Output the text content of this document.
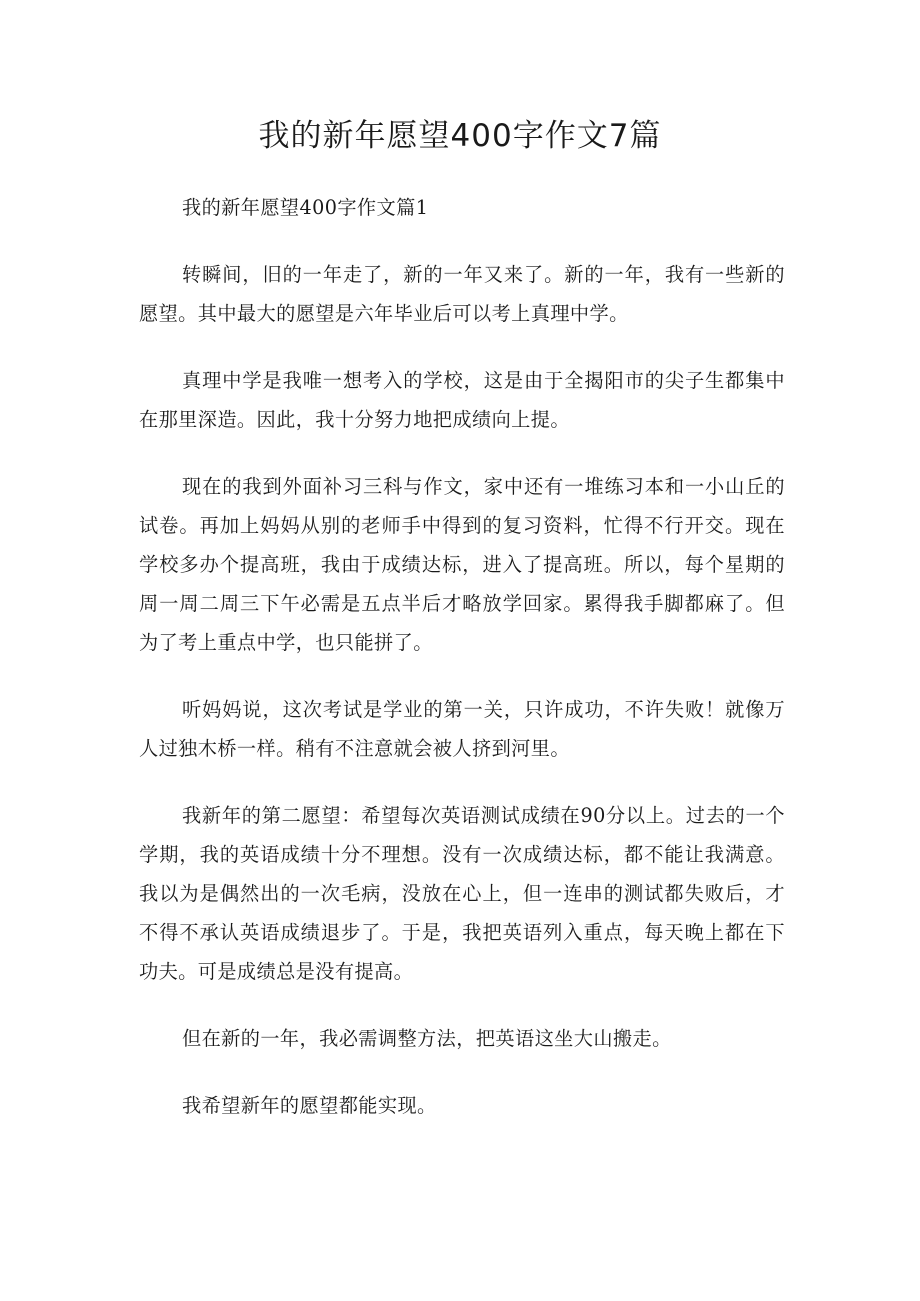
我的新年愿望400字作文7篇

我的新年愿望400字作文篇1

转瞬间，旧的一年走了，新的一年又来了。新的一年，我有一些新的愿望。其中最大的愿望是六年毕业后可以考上真理中学。

真理中学是我唯一想考入的学校，这是由于全揭阳市的尖子生都集中在那里深造。因此，我十分努力地把成绩向上提。

现在的我到外面补习三科与作文，家中还有一堆练习本和一小山丘的试卷。再加上妈妈从别的老师手中得到的复习资料，忙得不行开交。现在学校多办个提高班，我由于成绩达标，进入了提高班。所以，每个星期的周一周二周三下午必需是五点半后才略放学回家。累得我手脚都麻了。但为了考上重点中学，也只能拼了。

听妈妈说，这次考试是学业的第一关，只许成功，不许失败！就像万人过独木桥一样。稍有不注意就会被人挤到河里。

我新年的第二愿望：希望每次英语测试成绩在90分以上。过去的一个学期，我的英语成绩十分不理想。没有一次成绩达标，都不能让我满意。我以为是偶然出的一次毛病，没放在心上，但一连串的测试都失败后，才不得不承认英语成绩退步了。于是，我把英语列入重点，每天晚上都在下功夫。可是成绩总是没有提高。

但在新的一年，我必需调整方法，把英语这坐大山搬走。

我希望新年的愿望都能实现。
